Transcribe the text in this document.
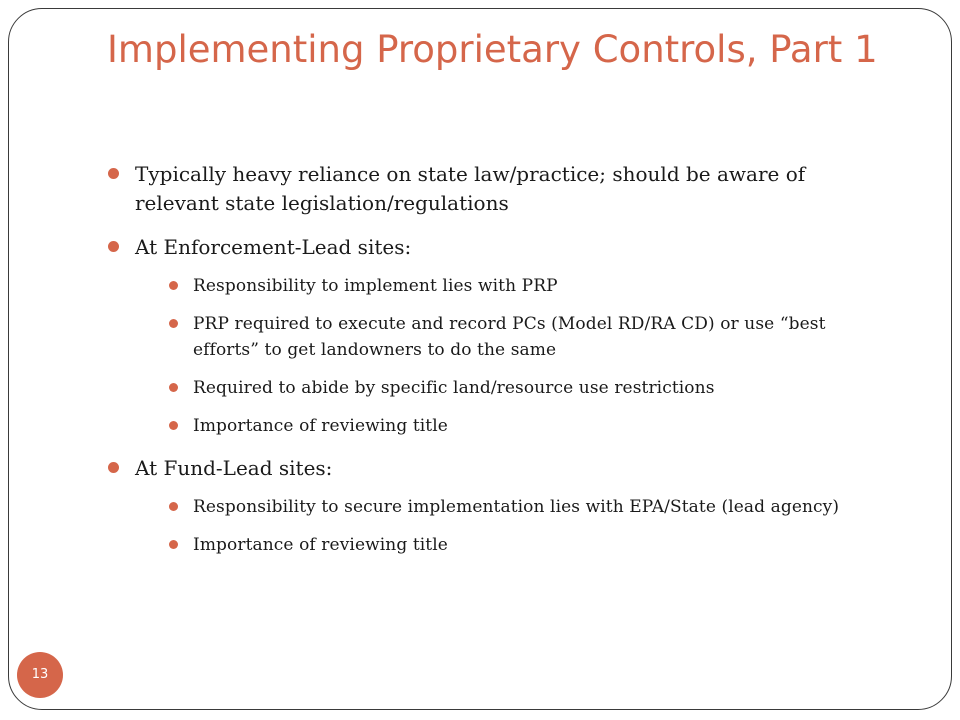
Implementing Proprietary Controls, Part 1
Typically heavy reliance on state law/practice; should be aware of relevant state legislation/regulations
At Enforcement-Lead sites:
Responsibility to implement lies with PRP
PRP required to execute and record PCs (Model RD/RA CD) or use “best efforts” to get landowners to do the same
Required to abide by specific land/resource use restrictions
Importance of reviewing title
At Fund-Lead sites:
Responsibility to secure implementation lies with EPA/State (lead agency)
Importance of reviewing title
13
